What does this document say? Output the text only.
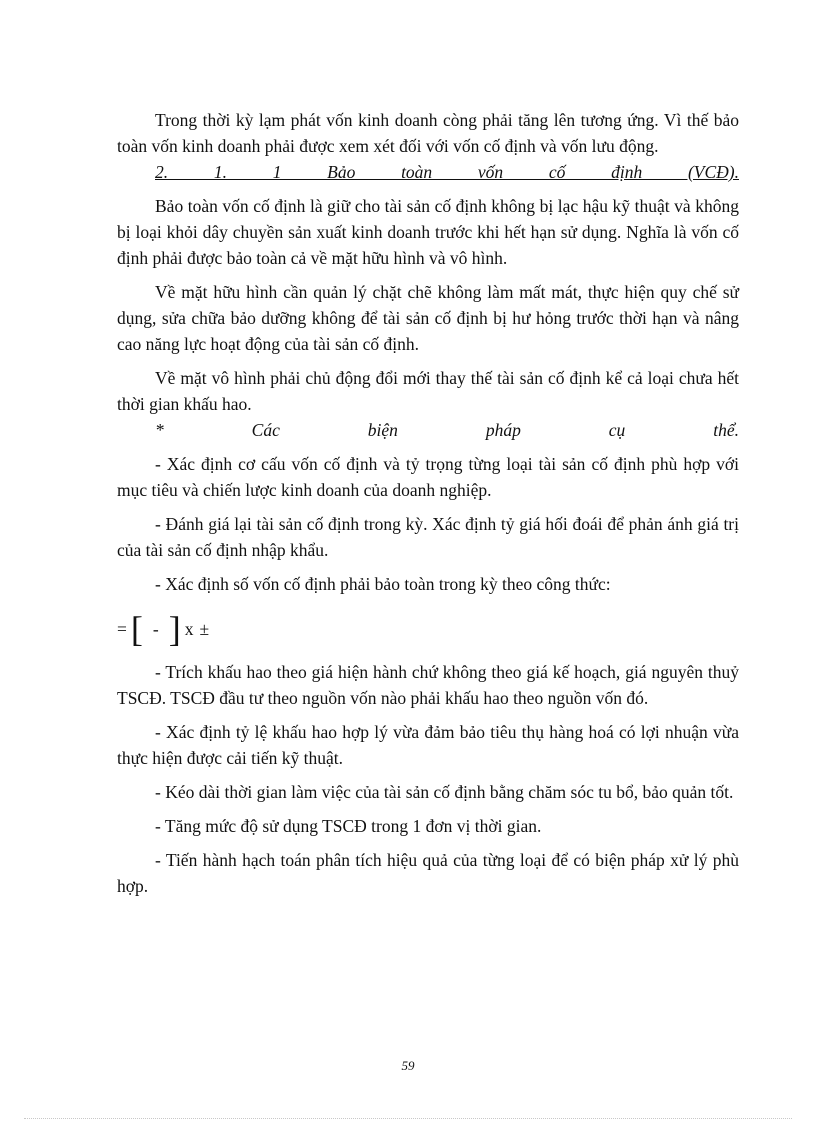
Trong thời kỳ lạm phát vốn kinh doanh còng phải tăng lên tương ứng. Vì thế bảo toàn vốn kinh doanh phải được xem xét đối với vốn cố định và vốn lưu động.

2. 1. 1 Bảo toàn vốn cố định (VCĐ).

Bảo toàn vốn cố định là giữ cho tài sản cố định không bị lạc hậu kỹ thuật và không bị loại khỏi dây chuyền sản xuất kinh doanh trước khi hết hạn sử dụng. Nghĩa là vốn cố định phải được bảo toàn cả về mặt hữu hình và vô hình.

Về mặt hữu hình cần quản lý chặt chẽ không làm mất mát, thực hiện quy chế sử dụng, sửa chữa bảo dưỡng không để tài sản cố định bị hư hỏng trước thời hạn và nâng cao năng lực hoạt động của tài sản cố định.

Về mặt vô hình phải chủ động đổi mới thay thế tài sản cố định kể cả loại chưa hết thời gian khấu hao.

* Các biện pháp cụ thể.

- Xác định cơ cấu vốn cố định và tỷ trọng từng loại tài sản cố định phù hợp với mục tiêu và chiến lược kinh doanh của doanh nghiệp.

- Đánh giá lại tài sản cố định trong kỳ. Xác định tỷ giá hối đoái để phản ánh giá trị của tài sản cố định nhập khẩu.

- Xác định số vốn cố định phải bảo toàn trong kỳ theo công thức:

= [ - ] x ±

- Trích khấu hao theo giá hiện hành chứ không theo giá kế hoạch, giá nguyên thuỷ TSCĐ. TSCĐ đầu tư theo nguồn vốn nào phải khấu hao theo nguồn vốn đó.

- Xác định tỷ lệ khấu hao hợp lý vừa đảm bảo tiêu thụ hàng hoá có lợi nhuận vừa thực hiện được cải tiến kỹ thuật.

- Kéo dài thời gian làm việc của tài sản cố định bằng chăm sóc tu bổ, bảo quản tốt.

- Tăng mức độ sử dụng TSCĐ trong 1 đơn vị thời gian.

- Tiến hành hạch toán phân tích hiệu quả của từng loại để có biện pháp xử lý phù hợp.

59
